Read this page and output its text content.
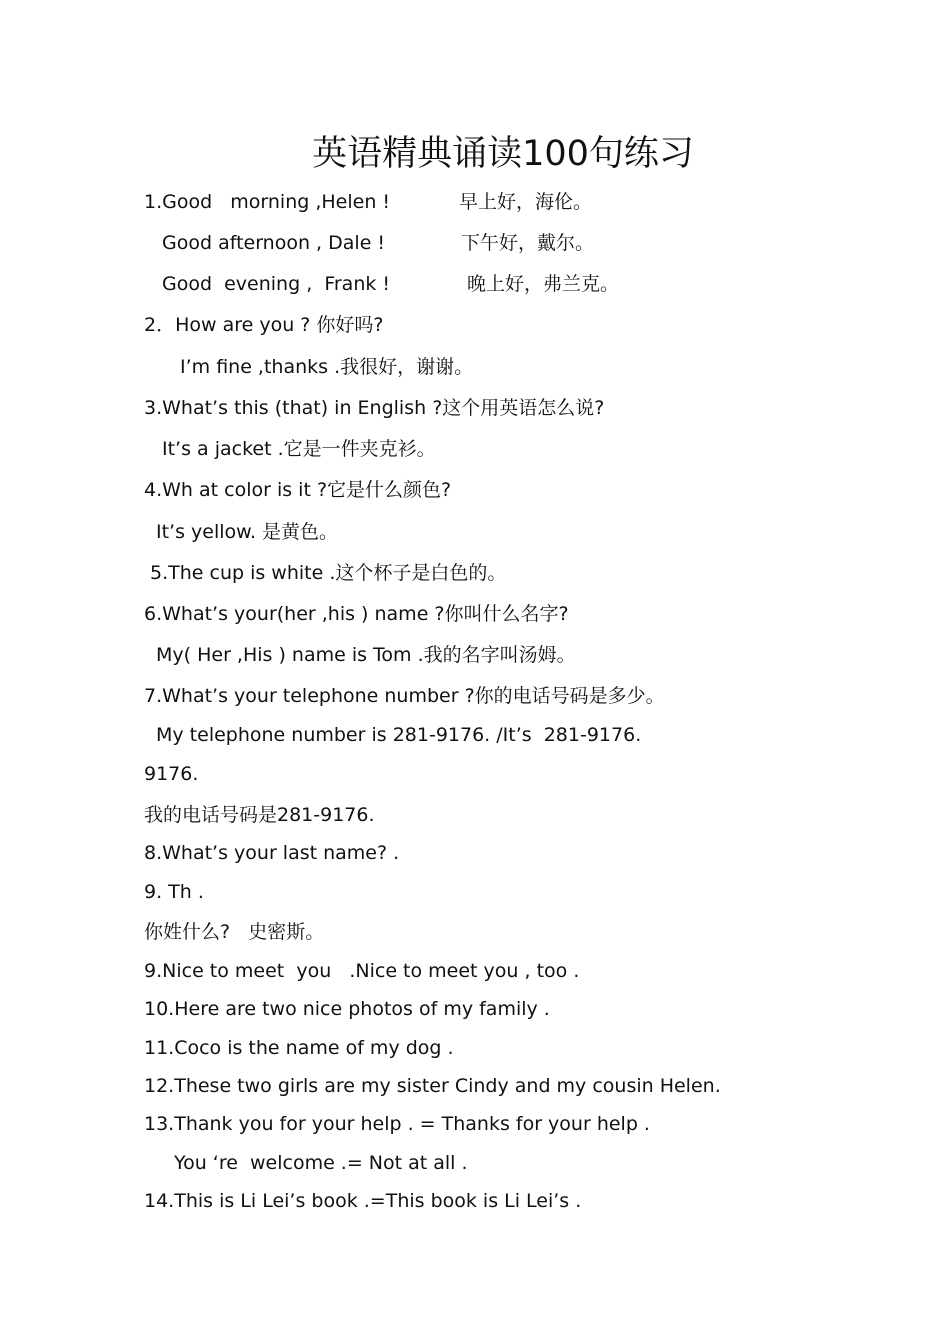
英语精典诵读100句练习
1.Good   morning ,Helen !	早上好，海伦。
Good afternoon , Dale !	下午好，戴尔。
Good  evening ,  Frank !	晚上好，弗兰克。
2．How are you ? 你好吗?
I’m fine ,thanks .我很好，谢谢。
3.What’s this (that) in English ?这个用英语怎么说?
It’s a jacket .它是一件夹克衫。
4.Wh at color is it ?它是什么颜色?
It’s yellow. 是黄色。
5.The cup is white .这个杯子是白色的。
6.What’s your(her ,his ) name ?你叫什么名字?
My( Her ,His ) name is Tom .我的名字叫汤姆。
7.What’s your telephone number ?你的电话号码是多少。
My telephone number is 281-9176. /It’s  281-9176.
9176.
我的电话号码是281-9176.
8.What’s your last name? .
9. Th .
你姓什么?   史密斯。
9.Nice to meet  you   .Nice to meet you , too .
10.Here are two nice photos of my family .
11.Coco is the name of my dog .
12.These two girls are my sister Cindy and my cousin Helen.
13.Thank you for your help . = Thanks for your help .
You ‘re  welcome .= Not at all .
14.This is Li Lei’s book .=This book is Li Lei’s .
